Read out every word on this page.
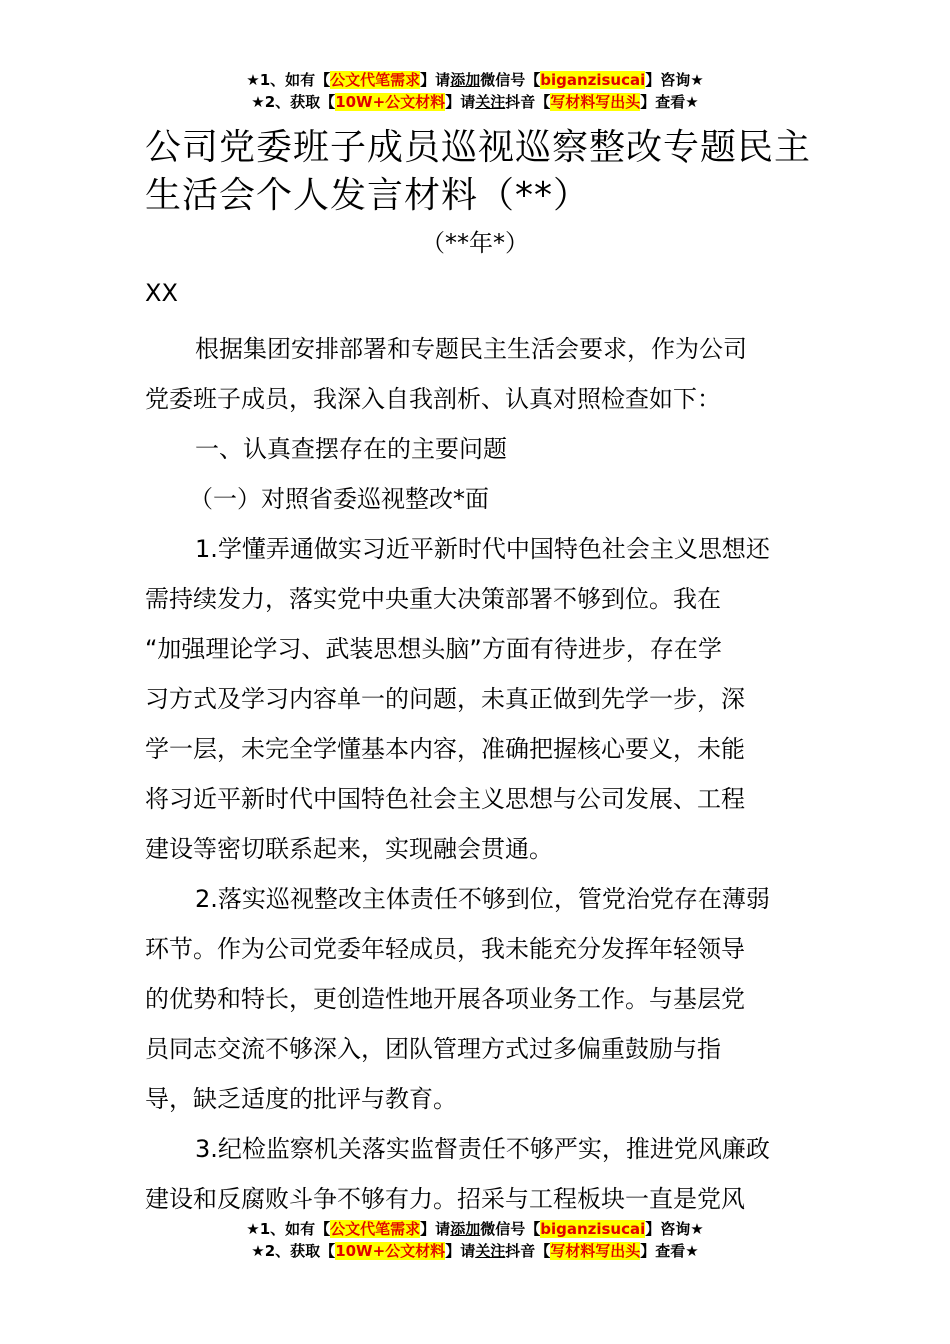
★1、如有【公文代笔需求】请添加微信号【biganzisucai】咨询★
★2、获取【10W+公文材料】请关注抖音【写材料写出头】查看★
公司党委班子成员巡视巡察整改专题民主
生活会个人发言材料（**）
（**年*）
XX
根据集团安排部署和专题民主生活会要求，作为公司
党委班子成员，我深入自我剖析、认真对照检查如下：
一、认真查摆存在的主要问题
（一）对照省委巡视整改*面
1.学懂弄通做实习近平新时代中国特色社会主义思想还
需持续发力，落实党中央重大决策部署不够到位。我在
“加强理论学习、武装思想头脑”方面有待进步，存在学
习方式及学习内容单一的问题，未真正做到先学一步，深
学一层，未完全学懂基本内容，准确把握核心要义，未能
将习近平新时代中国特色社会主义思想与公司发展、工程
建设等密切联系起来，实现融会贯通。
2.落实巡视整改主体责任不够到位，管党治党存在薄弱
环节。作为公司党委年轻成员，我未能充分发挥年轻领导
的优势和特长，更创造性地开展各项业务工作。与基层党
员同志交流不够深入，团队管理方式过多偏重鼓励与指
导，缺乏适度的批评与教育。
3.纪检监察机关落实监督责任不够严实，推进党风廉政
建设和反腐败斗争不够有力。招采与工程板块一直是党风
★1、如有【公文代笔需求】请添加微信号【biganzisucai】咨询★
★2、获取【10W+公文材料】请关注抖音【写材料写出头】查看★
